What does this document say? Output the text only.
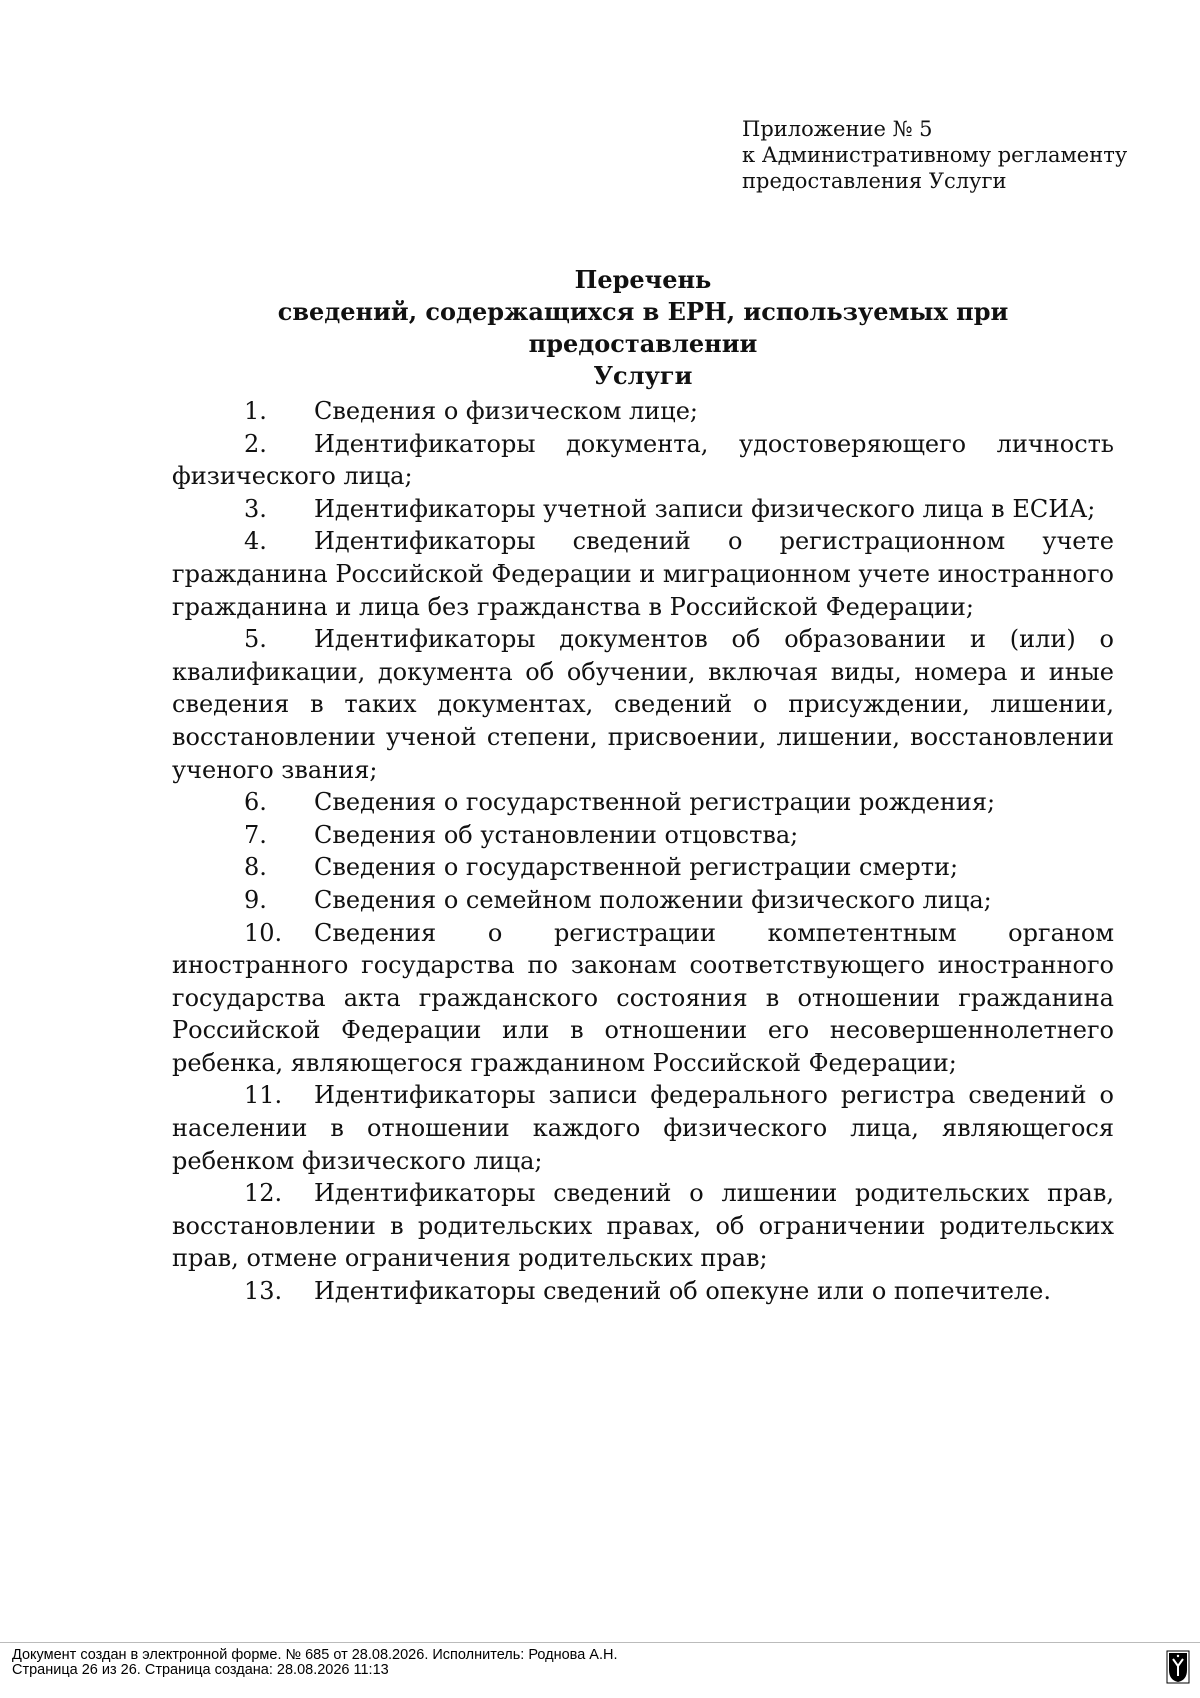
Приложение № 5
к Административному регламенту
предоставления Услуги
Перечень
сведений, содержащихся в ЕРН, используемых при предоставлении
Услуги

1. Сведения о физическом лице;

2. Идентификаторы документа, удостоверяющего личность физического лица;

3. Идентификаторы учетной записи физического лица в ЕСИА;

4. Идентификаторы сведений о регистрационном учете гражданина Российской Федерации и миграционном учете иностранного гражданина и лица без гражданства в Российской Федерации;

5. Идентификаторы документов об образовании и (или) о квалификации, документа об обучении, включая виды, номера и иные сведения в таких документах, сведений о присуждении, лишении, восстановлении ученой степени, присвоении, лишении, восстановлении ученого звания;

6. Сведения о государственной регистрации рождения;

7. Сведения об установлении отцовства;

8. Сведения о государственной регистрации смерти;

9. Сведения о семейном положении физического лица;

10. Сведения о регистрации компетентным органом иностранного государства по законам соответствующего иностранного государства акта гражданского состояния в отношении гражданина Российской Федерации или в отношении его несовершеннолетнего ребенка, являющегося гражданином Российской Федерации;

11. Идентификаторы записи федерального регистра сведений о населении в отношении каждого физического лица, являющегося ребенком физического лица;

12. Идентификаторы сведений о лишении родительских прав, восстановлении в родительских правах, об ограничении родительских прав, отмене ограничения родительских прав;

13. Идентификаторы сведений об опекуне или о попечителе.

Документ создан в электронной форме. № 685 от 28.08.2026. Исполнитель: Роднова А.Н.
Страница 26 из 26. Страница создана: 28.08.2026 11:13
